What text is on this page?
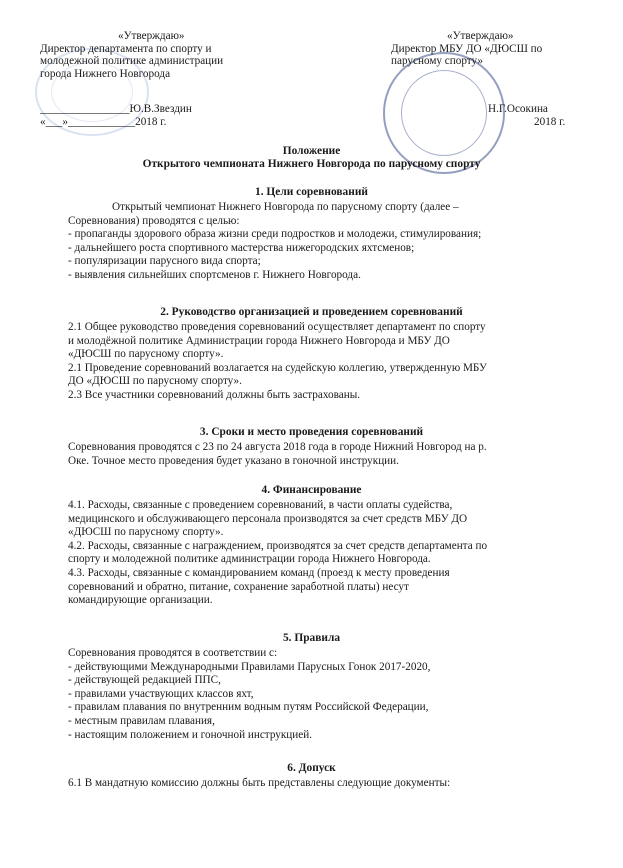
«Утверждаю»
Директор департамента по спорту и
молодежной политике администрации
города Нижнего Новгорода
________________Ю.В.Звездин
«___»____________2018 г.
«Утверждаю»
Директор МБУ ДО «ДЮСШ по
парусному спорту»
Н.Г.Осокина
2018 г.
Положение
Открытого чемпионата Нижнего Новгорода по парусному спорту
1. Цели соревнований
Открытый чемпионат Нижнего Новгорода по парусному спорту (далее –
Соревнования) проводятся с целью:
- пропаганды здорового образа жизни среди подростков и молодежи, стимулирования;
- дальнейшего роста спортивного мастерства нижегородских яхтсменов;
- популяризации парусного вида спорта;
- выявления сильнейших спортсменов г. Нижнего Новгорода.
2. Руководство организацией и проведением соревнований
2.1 Общее руководство проведения соревнований осуществляет департамент по спорту
и молодёжной политике Администрации города Нижнего Новгорода и МБУ ДО
«ДЮСШ по парусному спорту».
2.1 Проведение соревнований возлагается на судейскую коллегию, утвержденную МБУ
ДО «ДЮСШ по парусному спорту».
2.3 Все участники соревнований должны быть застрахованы.
3. Сроки и место проведения соревнований
Соревнования проводятся с 23 по 24 августа 2018 года в городе Нижний Новгород на р.
Оке. Точное место проведения будет указано в гоночной инструкции.
4. Финансирование
4.1. Расходы, связанные с проведением соревнований, в части оплаты судейства,
медицинского и обслуживающего персонала производятся за счет средств МБУ ДО
«ДЮСШ по парусному спорту».
4.2. Расходы, связанные с награждением, производятся за счет средств департамента по
спорту и молодежной политике администрации города Нижнего Новгорода.
4.3. Расходы, связанные с командированием команд (проезд к месту проведения
соревнований и обратно, питание, сохранение заработной платы) несут
командирующие организации.
5. Правила
Соревнования проводятся в соответствии с:
- действующими Международными Правилами Парусных Гонок 2017-2020,
- действующей редакцией ППС,
- правилами участвующих классов яхт,
- правилам плавания по внутренним водным путям Российской Федерации,
- местным правилам плавания,
- настоящим положением и гоночной инструкцией.
6. Допуск
6.1 В мандатную комиссию должны быть представлены следующие документы:
